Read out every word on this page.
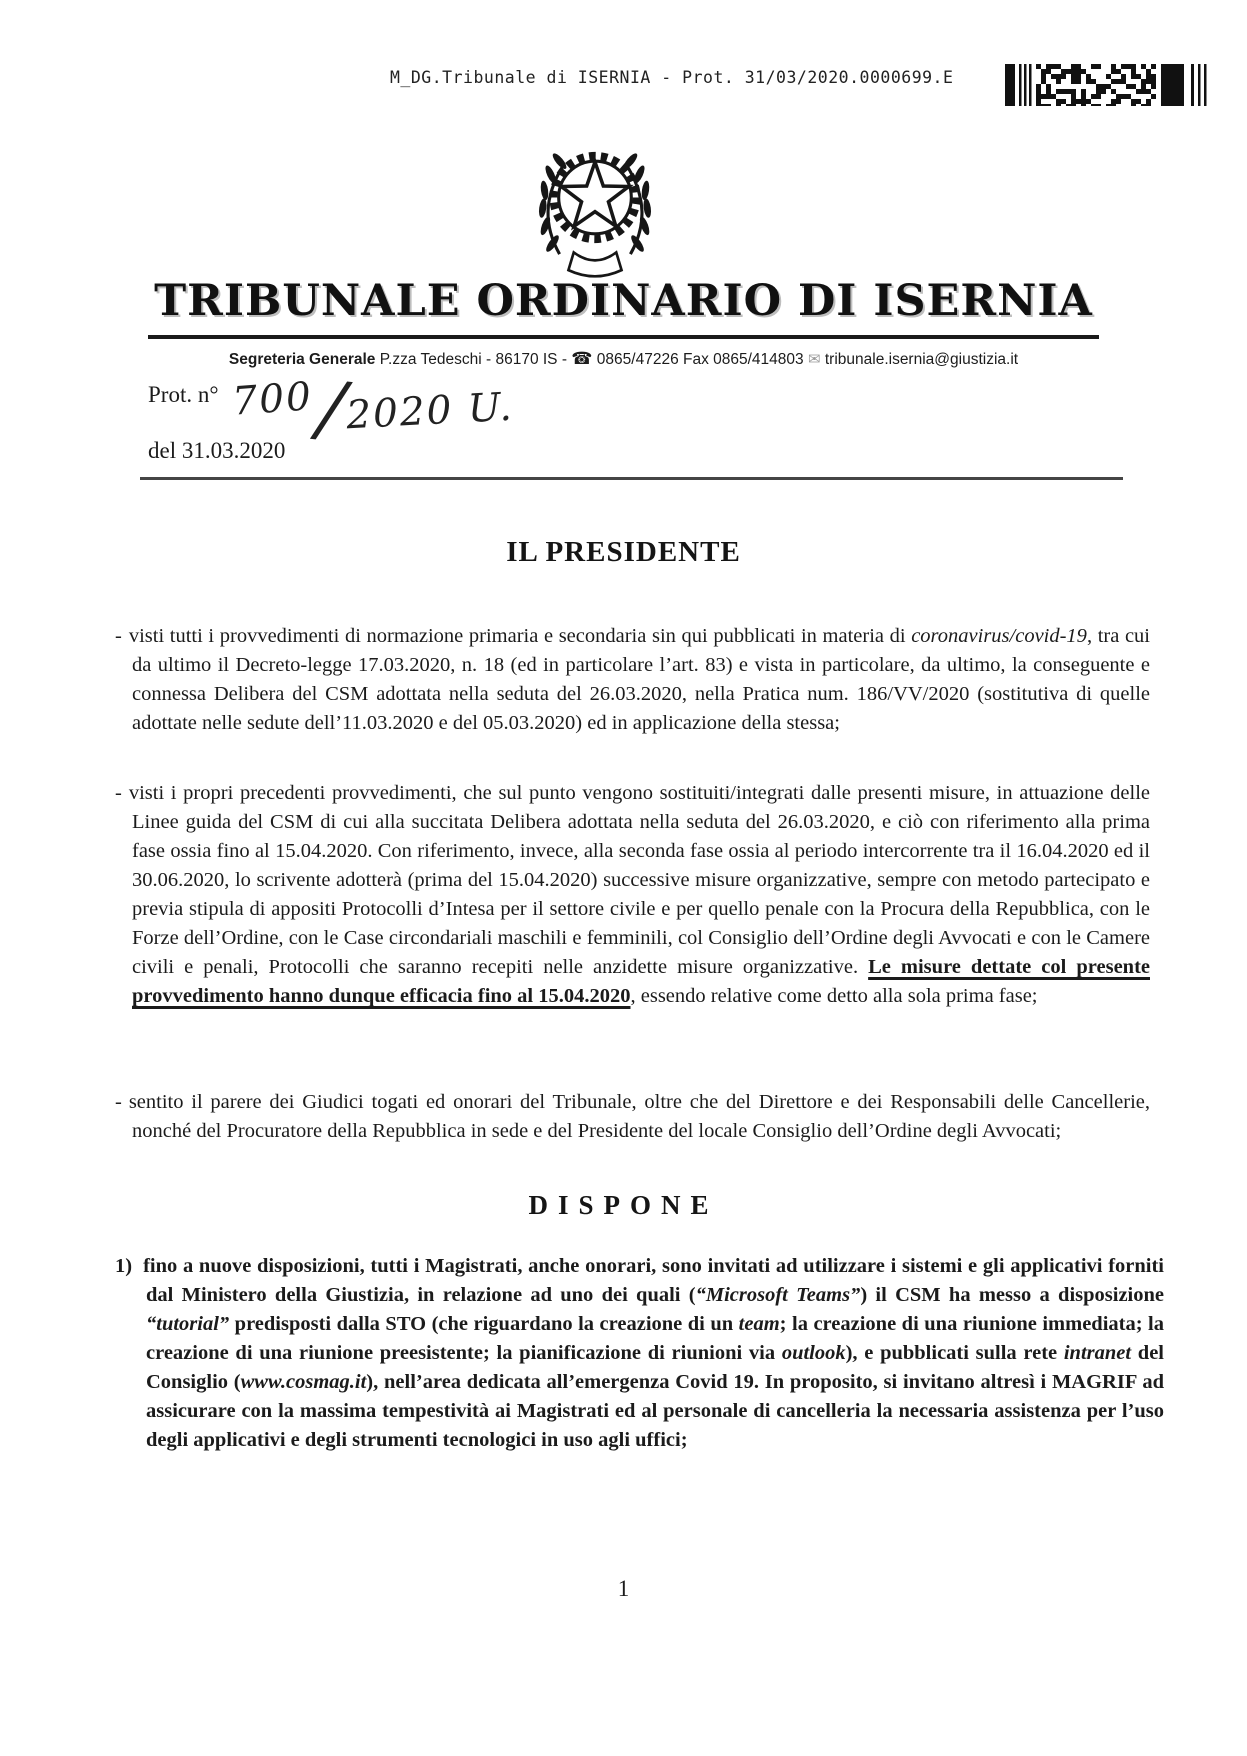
M_DG.Tribunale di ISERNIA - Prot. 31/03/2020.0000699.E
TRIBUNALE ORDINARIO DI ISERNIA
Segreteria Generale P.zza Tedeschi - 86170 IS - ☎ 0865/47226 Fax 0865/414803 ✉ tribunale.isernia@giustizia.it
Prot. n° 700/2020 U.
del 31.03.2020
IL PRESIDENTE
- visti tutti i provvedimenti di normazione primaria e secondaria sin qui pubblicati in materia di coronavirus/covid-19, tra cui da ultimo il Decreto-legge 17.03.2020, n. 18 (ed in particolare l’art. 83) e vista in particolare, da ultimo, la conseguente e connessa Delibera del CSM adottata nella seduta del 26.03.2020, nella Pratica num. 186/VV/2020 (sostitutiva di quelle adottate nelle sedute dell’11.03.2020 e del 05.03.2020) ed in applicazione della stessa;
- visti i propri precedenti provvedimenti, che sul punto vengono sostituiti/integrati dalle presenti misure, in attuazione delle Linee guida del CSM di cui alla succitata Delibera adottata nella seduta del 26.03.2020, e ciò con riferimento alla prima fase ossia fino al 15.04.2020. Con riferimento, invece, alla seconda fase ossia al periodo intercorrente tra il 16.04.2020 ed il 30.06.2020, lo scrivente adotterà (prima del 15.04.2020) successive misure organizzative, sempre con metodo partecipato e previa stipula di appositi Protocolli d’Intesa per il settore civile e per quello penale con la Procura della Repubblica, con le Forze dell’Ordine, con le Case circondariali maschili e femminili, col Consiglio dell’Ordine degli Avvocati e con le Camere civili e penali, Protocolli che saranno recepiti nelle anzidette misure organizzative. Le misure dettate col presente provvedimento hanno dunque efficacia fino al 15.04.2020, essendo relative come detto alla sola prima fase;
- sentito il parere dei Giudici togati ed onorari del Tribunale, oltre che del Direttore e dei Responsabili delle Cancellerie, nonché del Procuratore della Repubblica in sede e del Presidente del locale Consiglio dell’Ordine degli Avvocati;
DISPONE
1) fino a nuove disposizioni, tutti i Magistrati, anche onorari, sono invitati ad utilizzare i sistemi e gli applicativi forniti dal Ministero della Giustizia, in relazione ad uno dei quali (“Microsoft Teams”) il CSM ha messo a disposizione “tutorial” predisposti dalla STO (che riguardano la creazione di un team; la creazione di una riunione immediata; la creazione di una riunione preesistente; la pianificazione di riunioni via outlook), e pubblicati sulla rete intranet del Consiglio (www.cosmag.it), nell’area dedicata all’emergenza Covid 19. In proposito, si invitano altresì i MAGRIF ad assicurare con la massima tempestività ai Magistrati ed al personale di cancelleria la necessaria assistenza per l’uso degli applicativi e degli strumenti tecnologici in uso agli uffici;
1
